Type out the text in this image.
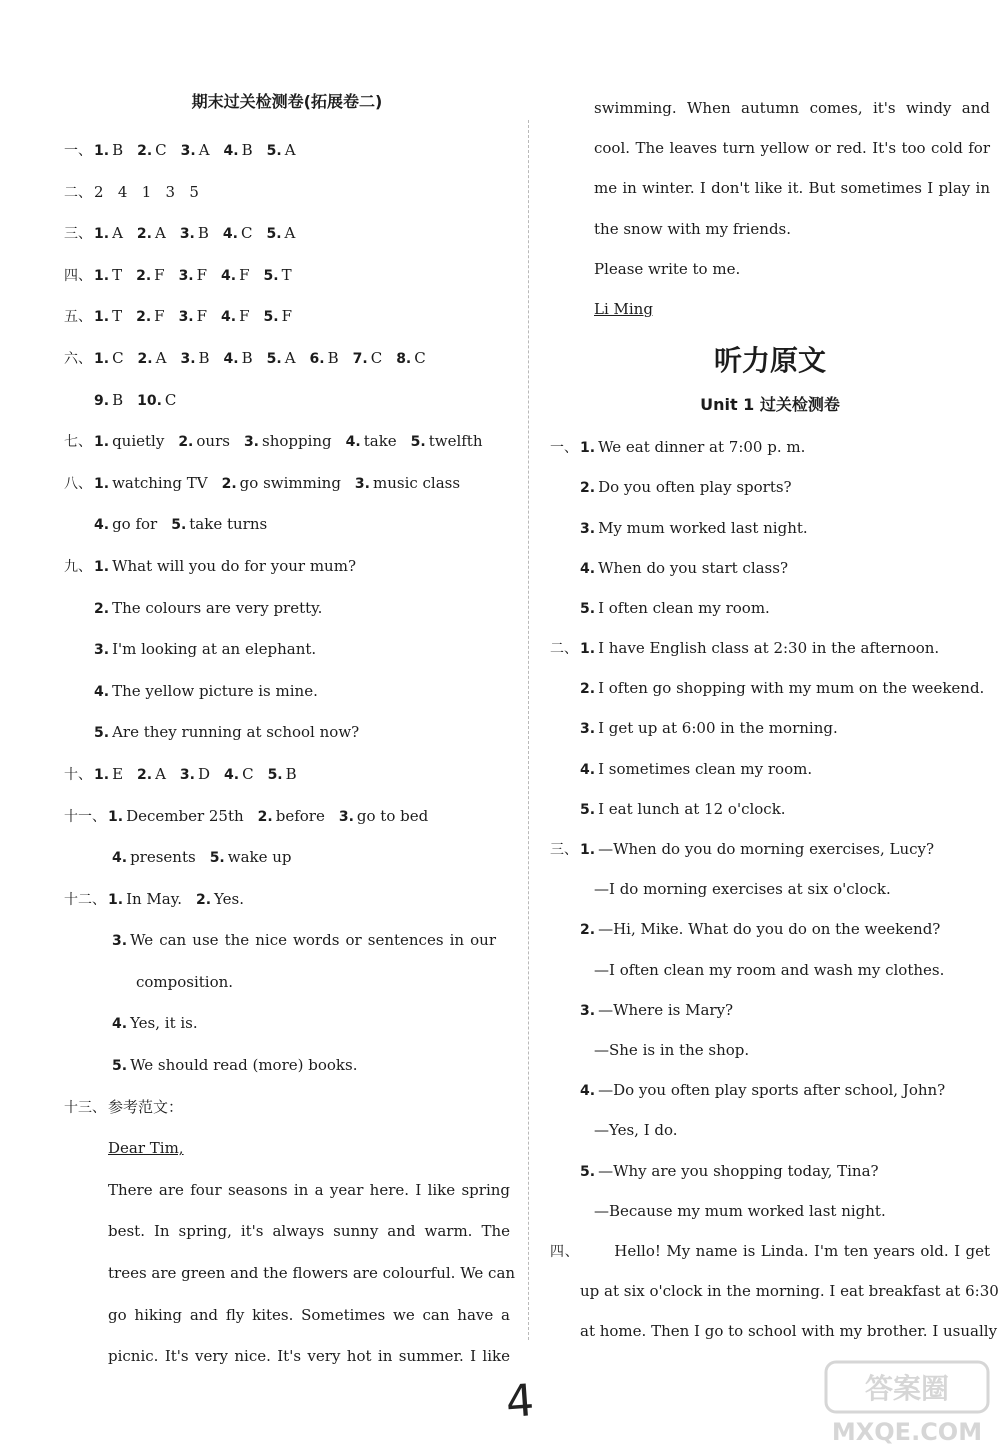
期末过关检测卷(拓展卷二)
一、 1. B 2. C 3. A 4. B 5. A
二、 2   4   1   3   5
三、 1. A 2. A 3. B 4. C 5. A
四、 1. T 2. F 3. F 4. F 5. T
五、 1. T 2. F 3. F 4. F 5. F
六、 1. C 2. A 3. B 4. B 5. A 6. B 7. C 8. C
9. B 10. C
七、 1. quietly 2. ours 3. shopping 4. take 5. twelfth
八、 1. watching TV 2. go swimming 3. music class
4. go for 5. take turns
九、 1. What will you do for your mum?
2. The colours are very pretty.
3. I'm looking at an elephant.
4. The yellow picture is mine.
5. Are they running at school now?
十、 1. E 2. A 3. D 4. C 5. B
十一、 1. December 25th 2. before 3. go to bed
4. presents 5. wake up
十二、 1. In May. 2. Yes.
3. We can use the nice words or sentences in our
composition.
4. Yes, it is.
5. We should read (more) books.
十三、 参考范文：
Dear Tim,
There are four seasons in a year here. I like spring
best. In spring, it's always sunny and warm. The
trees are green and the flowers are colourful. We can
go hiking and fly kites. Sometimes we can have a
picnic. It's very nice. It's very hot in summer. I like
swimming. When autumn comes, it's windy and
cool. The leaves turn yellow or red. It's too cold for
me in winter. I don't like it. But sometimes I play in
the snow with my friends.
Please write to me.
Li Ming
听力原文
Unit 1 过关检测卷
一、 1. We eat dinner at 7:00 p. m.
2. Do you often play sports?
3. My mum worked last night.
4. When do you start class?
5. I often clean my room.
二、 1. I have English class at 2:30 in the afternoon.
2. I often go shopping with my mum on the weekend.
3. I get up at 6:00 in the morning.
4. I sometimes clean my room.
5. I eat lunch at 12 o'clock.
三、 1. —When do you do morning exercises, Lucy?
—I do morning exercises at six o'clock.
2. —Hi, Mike. What do you do on the weekend?
—I often clean my room and wash my clothes.
3. —Where is Mary?
—She is in the shop.
4. —Do you often play sports after school, John?
—Yes, I do.
5. —Why are you shopping today, Tina?
—Because my mum worked last night.
四、      Hello! My name is Linda. I'm ten years old. I get
up at six o'clock in the morning. I eat breakfast at 6:30
at home. Then I go to school with my brother. I usually
4	答案圈
MXQE.COM
